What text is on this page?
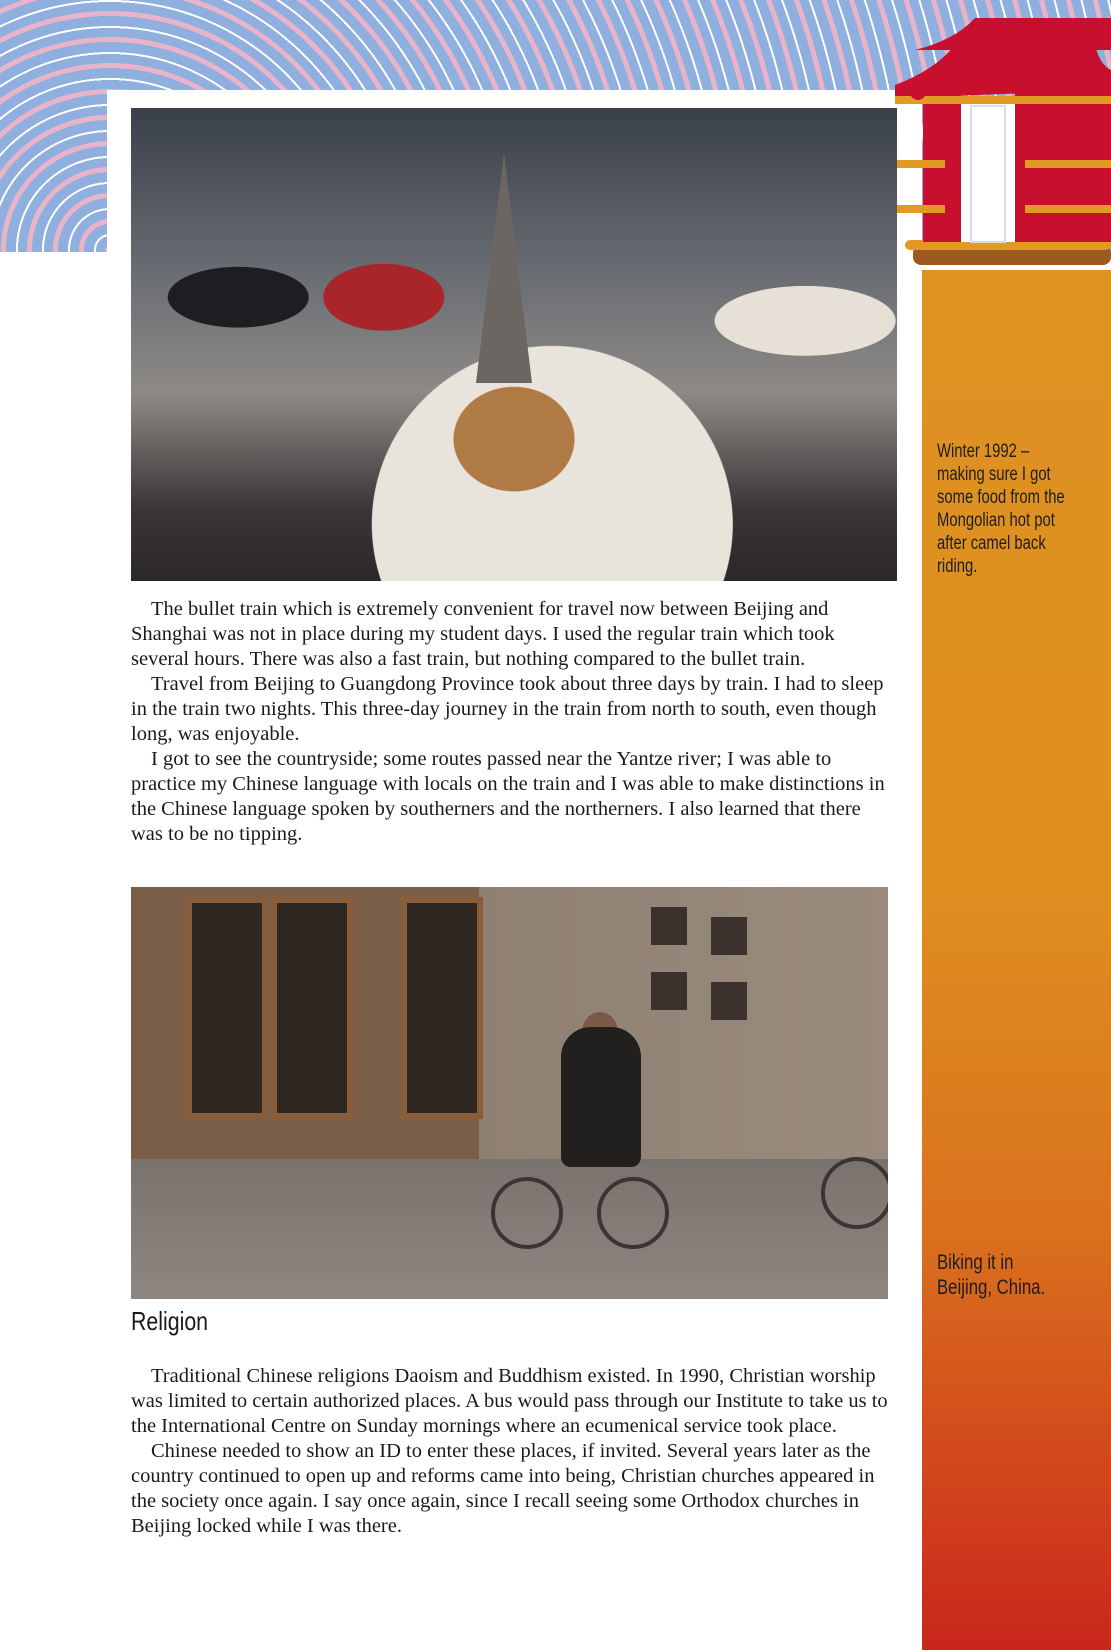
Winter 1992 – making sure I got some food from the Mongolian hot pot after camel back riding.

The bullet train which is extremely convenient for travel now between Beijing and Shanghai was not in place during my student days. I used the regular train which took several hours. There was also a fast train, but nothing compared to the bullet train.

Travel from Beijing to Guangdong Province took about three days by train. I had to sleep in the train two nights. This three-day journey in the train from north to south, even though long, was enjoyable.

I got to see the countryside; some routes passed near the Yantze river; I was able to practice my Chinese language with locals on the train and I was able to make distinctions in the Chinese language spoken by southerners and the northerners. I also learned that there was to be no tipping.

Biking it in Beijing, China.
Religion

Traditional Chinese religions Daoism and Buddhism existed. In 1990, Christian worship was limited to certain authorized places. A bus would pass through our Institute to take us to the International Centre on Sunday mornings where an ecumenical service took place.

Chinese needed to show an ID to enter these places, if invited. Several years later as the country continued to open up and reforms came into being, Christian churches appeared in the society once again. I say once again, since I recall seeing some Orthodox churches in Beijing locked while I was there.
